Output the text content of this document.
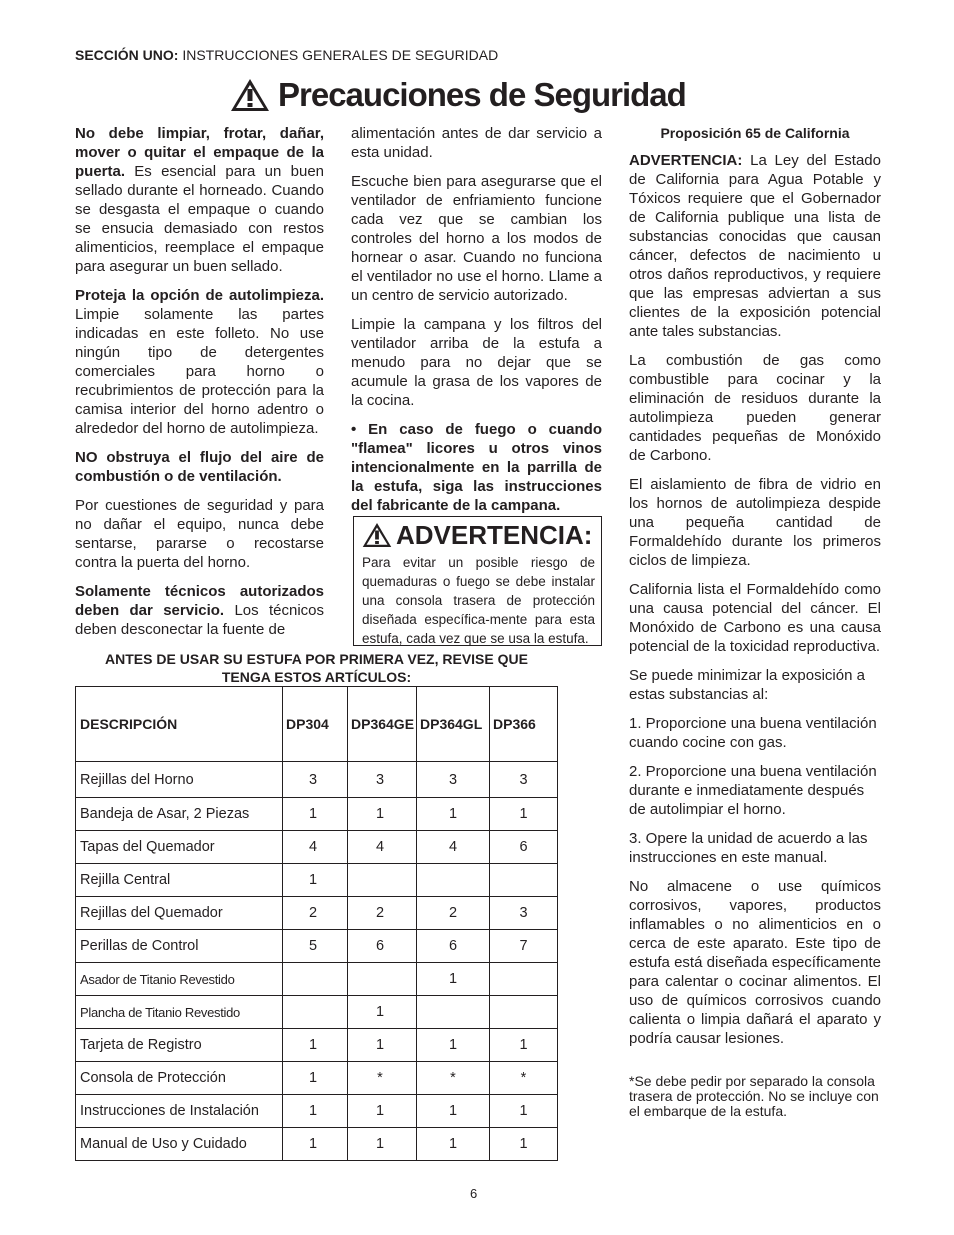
SECCIÓN UNO: INSTRUCCIONES GENERALES DE SEGURIDAD
Precauciones de Seguridad

No debe limpiar, frotar, dañar, mover o quitar el empaque de la puerta. Es esencial para un buen sellado durante el horneado. Cuando se desgasta el empaque o cuando se ensucia demasiado con restos alimenticios, reemplace el empaque para asegurar un buen sellado.

Proteja la opción de autolimpieza. Limpie solamente las partes indicadas en este folleto. No use ningún tipo de detergentes comerciales para horno o recubrimientos de protección para la camisa interior del horno adentro o alrededor del horno de autolimpieza.

NO obstruya el flujo del aire de combustión o de ventilación.

Por cuestiones de seguridad y para no dañar el equipo, nunca debe sentarse, pararse o recostarse contra la puerta del horno.

Solamente técnicos autorizados deben dar servicio. Los técnicos deben desconectar la fuente de

alimentación antes de dar servicio a esta unidad.

Escuche bien para asegurarse que el ventilador de enfriamiento funcione cada vez que se cambian los controles del horno a los modos de hornear o asar. Cuando no funciona el ventilador no use el horno. Llame a un centro de servicio autorizado.

Limpie la campana y los filtros del ventilador arriba de la estufa a menudo para no dejar que se acumule la grasa de los vapores de la cocina.

• En caso de fuego o cuando "flamea" licores u otros vinos intencionalmente en la parrilla de la estufa, siga las instrucciones del fabricante de la campana.

ADVERTENCIA:
Para evitar un posible riesgo de quemaduras o fuego se debe instalar una consola trasera de protección diseñada específica-mente para esta estufa, cada vez que se usa la estufa.

Proposición 65 de California

ADVERTENCIA: La Ley del Estado de California para Agua Potable y Tóxicos requiere que el Gobernador de California publique una lista de substancias conocidas que causan cáncer, defectos de nacimiento u otros daños reproductivos, y requiere que las empresas adviertan a sus clientes de la exposición potencial ante tales substancias.

La combustión de gas como combustible para cocinar y la eliminación de residuos durante la autolimpieza pueden generar cantidades pequeñas de Monóxido de Carbono.

El aislamiento de fibra de vidrio en los hornos de autolimpieza despide una pequeña cantidad de Formaldehído durante los primeros ciclos de limpieza.

California lista el Formaldehído como una causa potencial del cáncer. El Monóxido de Carbono es una causa potencial de la toxicidad reproductiva.

Se puede minimizar la exposición a estas substancias al:

1. Proporcione una buena ventilación cuando cocine con gas.

2. Proporcione una buena ventilación durante e inmediatamente después de autolimpiar el horno.

3. Opere la unidad de acuerdo a las instrucciones en este manual.

No almacene o use químicos corrosivos, vapores, productos inflamables o no alimenticios en o cerca de este aparato. Este tipo de estufa está diseñada específicamente para calentar o cocinar alimentos. El uso de químicos corrosivos cuando calienta o limpia dañará el aparato y podría causar lesiones.

ANTES DE USAR SU ESTUFA POR PRIMERA VEZ, REVISE QUE
TENGA ESTOS ARTÍCULOS:
DESCRIPCIÓN	DP304	DP364GE	DP364GL	DP366
Rejillas del Horno	3	3	3	3
Bandeja de Asar, 2 Piezas	1	1	1	1
Tapas del Quemador	4	4	4	6
Rejilla Central	1			
Rejillas del Quemador	2	2	2	3
Perillas de Control	5	6	6	7
Asador de Titanio Revestido			1	
Plancha de Titanio Revestido		1		
Tarjeta de Registro	1	1	1	1
Consola de Protección	1	*	*	*
Instrucciones de Instalación	1	1	1	1
Manual de Uso y Cuidado	1	1	1	1
*Se debe pedir por separado la consola trasera de protección. No se incluye con el embarque de la estufa.
6
